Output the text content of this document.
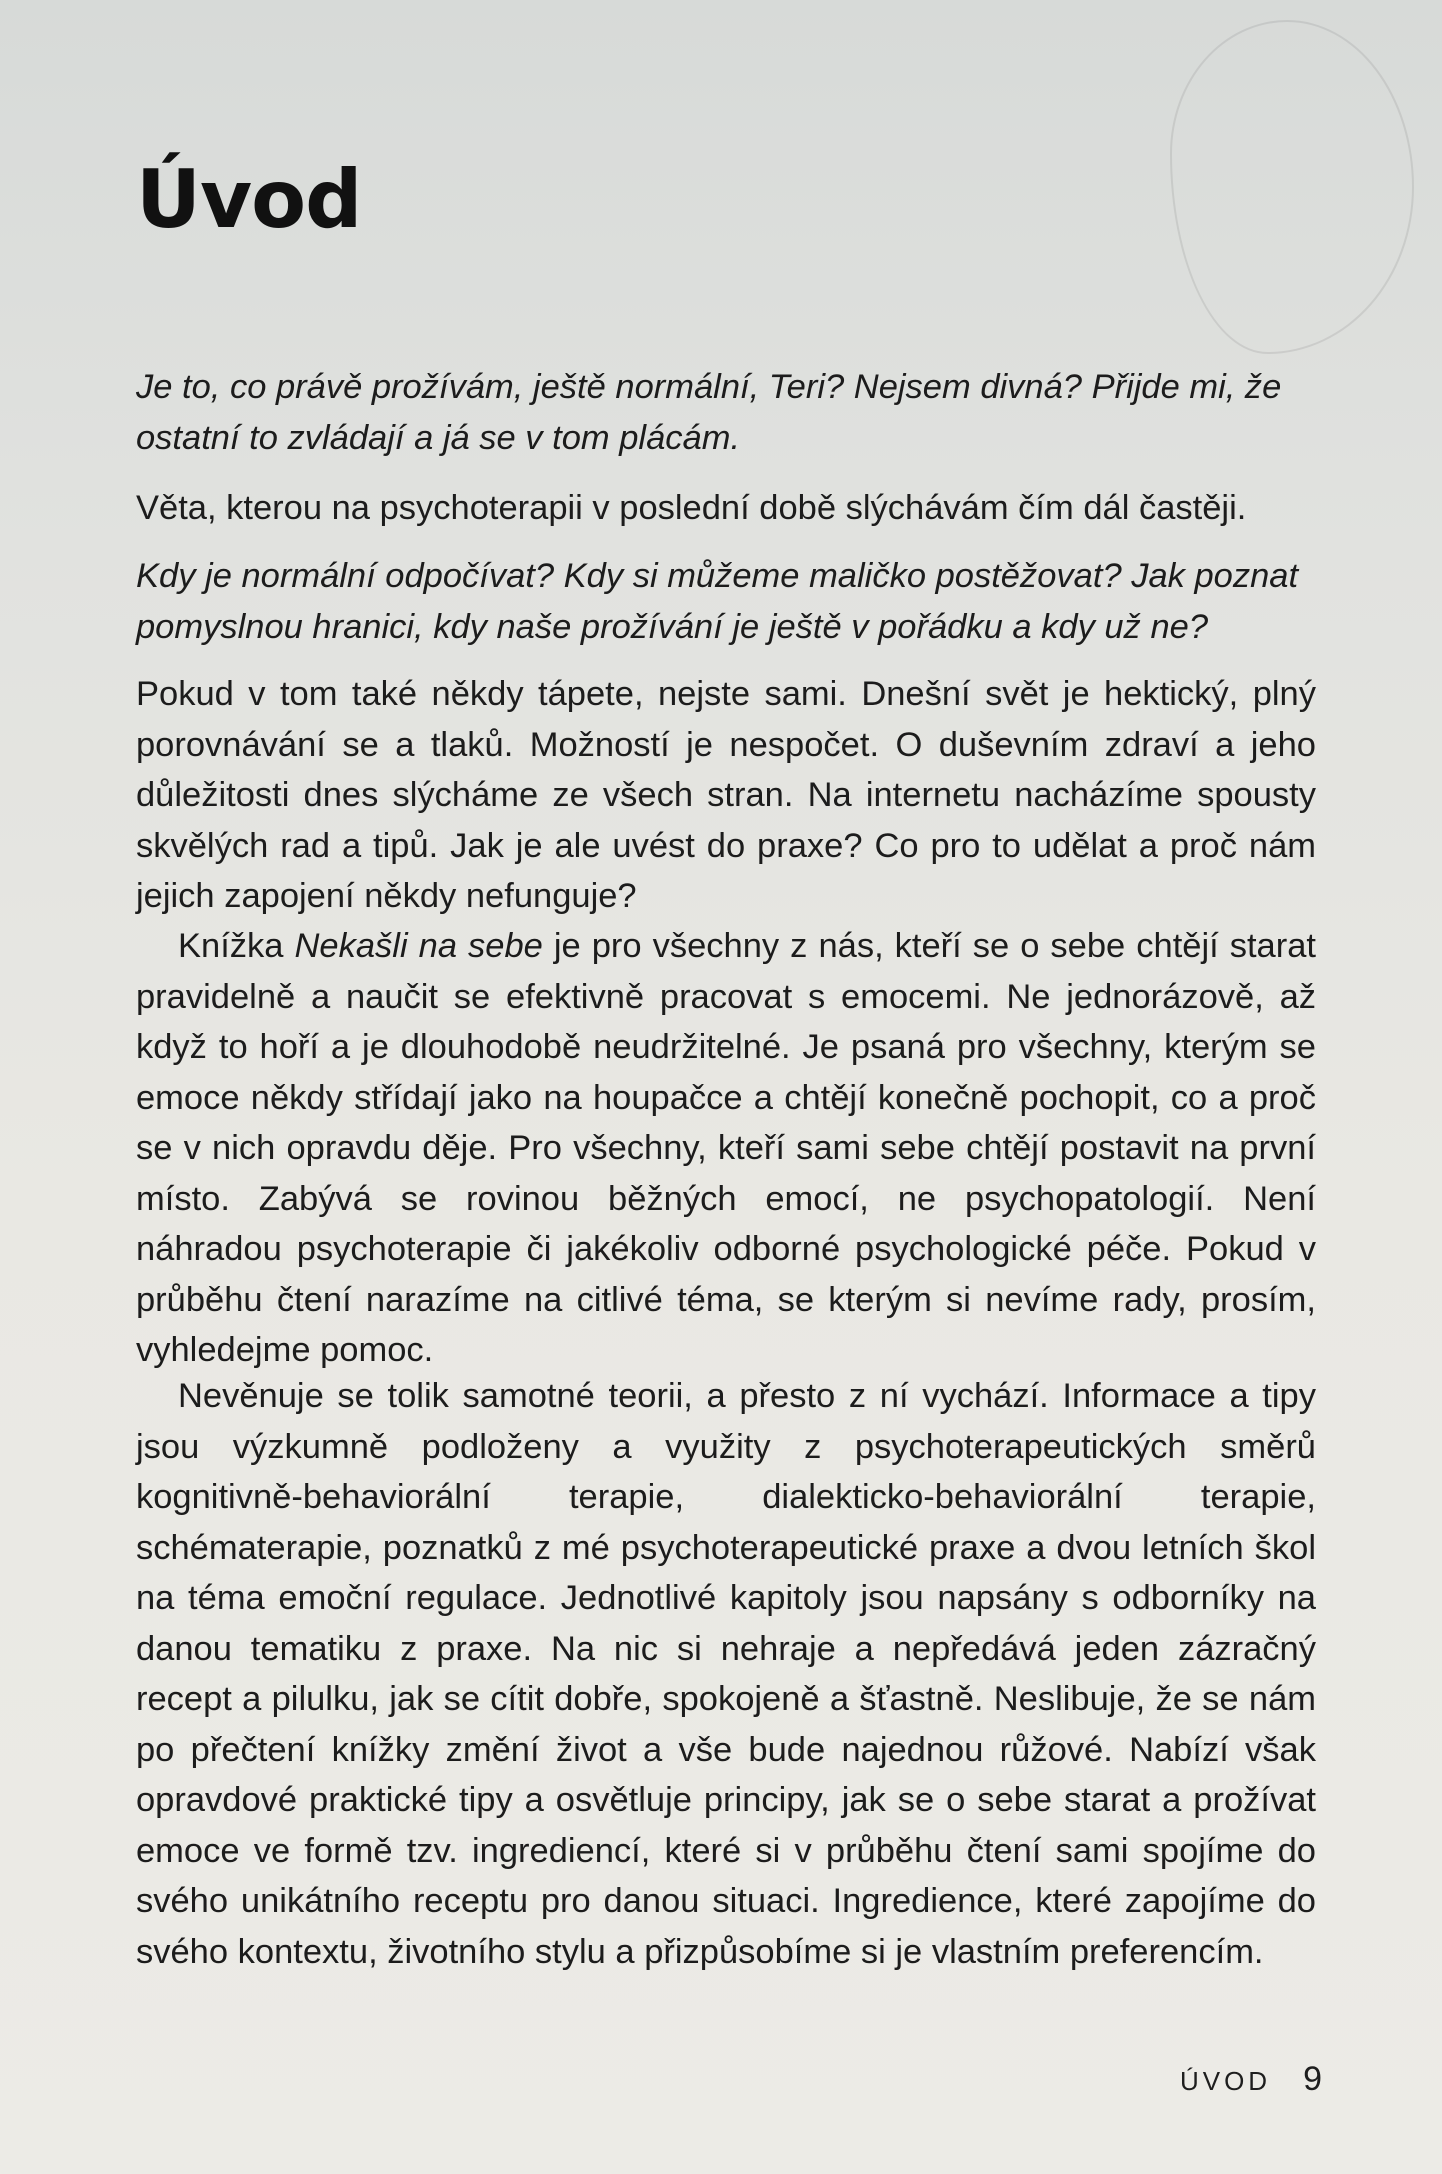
Úvod

Je to, co právě prožívám, ještě normální, Teri? Nejsem divná? Přijde mi, že ostatní to zvládají a já se v tom plácám.

Věta, kterou na psychoterapii v poslední době slýchávám čím dál častěji.

Kdy je normální odpočívat? Kdy si můžeme maličko postěžovat? Jak poznat pomyslnou hranici, kdy naše prožívání je ještě v pořádku a kdy už ne?

Pokud v tom také někdy tápete, nejste sami. Dnešní svět je hektický, plný porovnávání se a tlaků. Možností je nespočet. O duševním zdraví a jeho důležitosti dnes slýcháme ze všech stran. Na internetu nacházíme spousty skvělých rad a tipů. Jak je ale uvést do praxe? Co pro to udělat a proč nám jejich zapojení někdy nefunguje?

Knížka Nekašli na sebe je pro všechny z nás, kteří se o sebe chtějí starat pravidelně a naučit se efektivně pracovat s emocemi. Ne jednorázově, až když to hoří a je dlouhodobě neudržitelné. Je psaná pro všechny, kterým se emoce někdy střídají jako na houpačce a chtějí konečně pochopit, co a proč se v nich opravdu děje. Pro všechny, kteří sami sebe chtějí postavit na první místo. Zabývá se rovinou běžných emocí, ne psychopatologií. Není náhradou psychoterapie či jakékoliv odborné psychologické péče. Pokud v průběhu čtení narazíme na citlivé téma, se kterým si nevíme rady, prosím, vyhledejme pomoc.

Nevěnuje se tolik samotné teorii, a přesto z ní vychází. Informace a tipy jsou výzkumně podloženy a využity z psychoterapeutických směrů kognitivně-behaviorální terapie, dialekticko-behaviorální terapie, schématerapie, poznatků z mé psychoterapeutické praxe a dvou letních škol na téma emoční regulace. Jednotlivé kapitoly jsou napsány s odborníky na danou tematiku z praxe. Na nic si nehraje a nepředává jeden zázračný recept a pilulku, jak se cítit dobře, spokojeně a šťastně. Neslibuje, že se nám po přečtení knížky změní život a vše bude najednou růžové. Nabízí však opravdové praktické tipy a osvětluje principy, jak se o sebe starat a prožívat emoce ve formě tzv. ingrediencí, které si v průběhu čtení sami spojíme do svého unikátního receptu pro danou situaci. Ingredience, které zapojíme do svého kontextu, životního stylu a přizpůsobíme si je vlastním preferencím.

ÚVOD 9
